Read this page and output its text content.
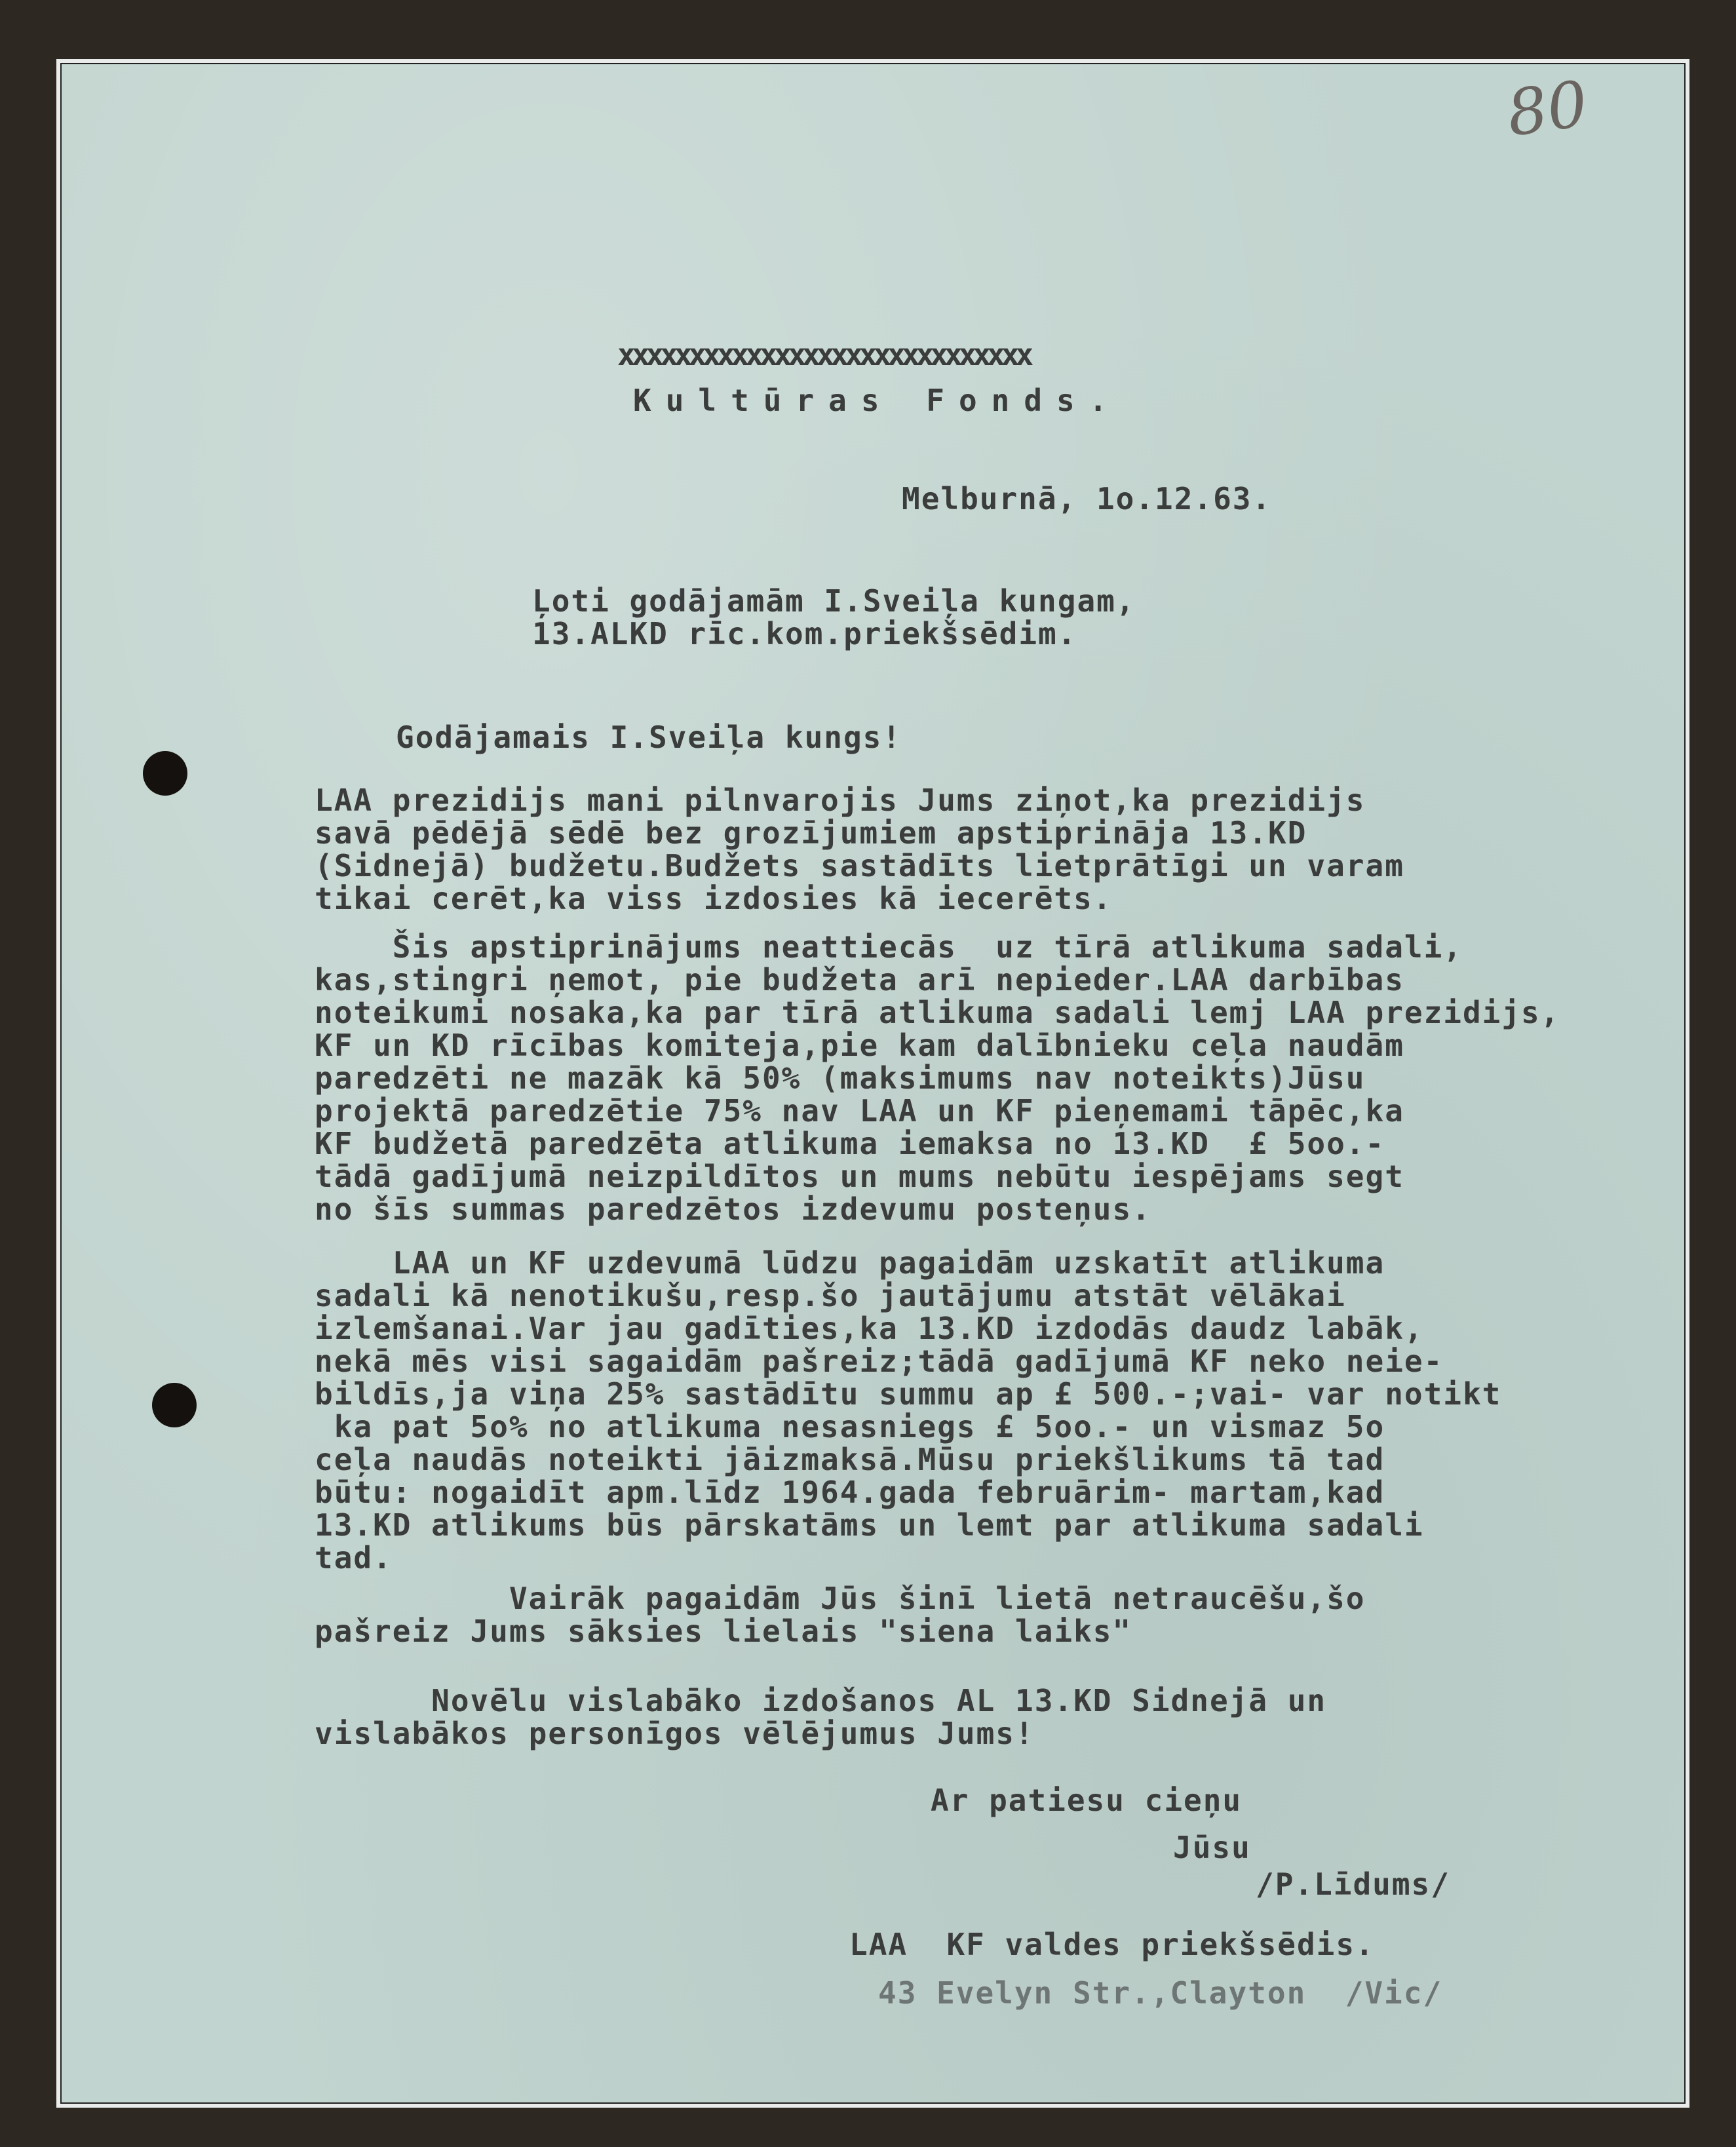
80

xxxxxxxxxxxxxxxxxxxxxxxxxxxxx

Kultūras Fonds.

Melburnā, 1o.12.63.

Ļoti godājamām I.Sveiļa kungam,

13.ALKD rīc.kom.priekšsēdim.

Godājamais I.Sveiļa kungs!

LAA prezidijs mani pilnvarojis Jums ziņot,ka prezidijs

savā pēdējā sēdē bez grozījumiem apstiprināja 13.KD

(Sidnejā) budžetu.Budžets sastādīts lietprātīgi un varam

tikai cerēt,ka viss izdosies kā iecerēts.

Šis apstiprinājums neattiecās  uz tīrā atlikuma sadali,

kas,stingri ņemot, pie budžeta arī nepieder.LAA darbības

noteikumi nosaka,ka par tīrā atlikuma sadali lemj LAA prezidijs,

KF un KD rīcības komiteja,pie kam dalībnieku ceļa naudām

paredzēti ne mazāk kā 50% (maksimums nav noteikts)Jūsu

projektā paredzētie 75% nav LAA un KF pieņemami tāpēc,ka

KF budžetā paredzēta atlikuma iemaksa no 13.KD  £ 5oo.-

tādā gadījumā neizpildītos un mums nebūtu iespējams segt

no šīs summas paredzētos izdevumu posteņus.

LAA un KF uzdevumā lūdzu pagaidām uzskatīt atlikuma

sadali kā nenotikušu,resp.šo jautājumu atstāt vēlākai

izlemšanai.Var jau gadīties,ka 13.KD izdodās daudz labāk,

nekā mēs visi sagaidām pašreiz;tādā gadījumā KF neko neie-

bildīs,ja viņa 25% sastādītu summu ap £ 500.-;vai- var notikt

ka pat 5o% no atlikuma nesasniegs £ 5oo.- un vismaz 5o

ceļa naudās noteikti jāizmaksā.Mūsu priekšlikums tā tad

būtu: nogaidīt apm.līdz 1964.gada februārim- martam,kad

13.KD atlikums būs pārskatāms un lemt par atlikuma sadali

tad.

Vairāk pagaidām Jūs šinī lietā netraucēšu,šo

pašreiz Jums sāksies lielais "siena laiks"

Novēlu vislabāko izdošanos AL 13.KD Sidnejā un

vislabākos personīgos vēlējumus Jums!

Ar patiesu cieņu

Jūsu

/P.Līdums/

LAA  KF valdes priekšsēdis.

43 Evelyn Str.,Clayton  /Vic/
